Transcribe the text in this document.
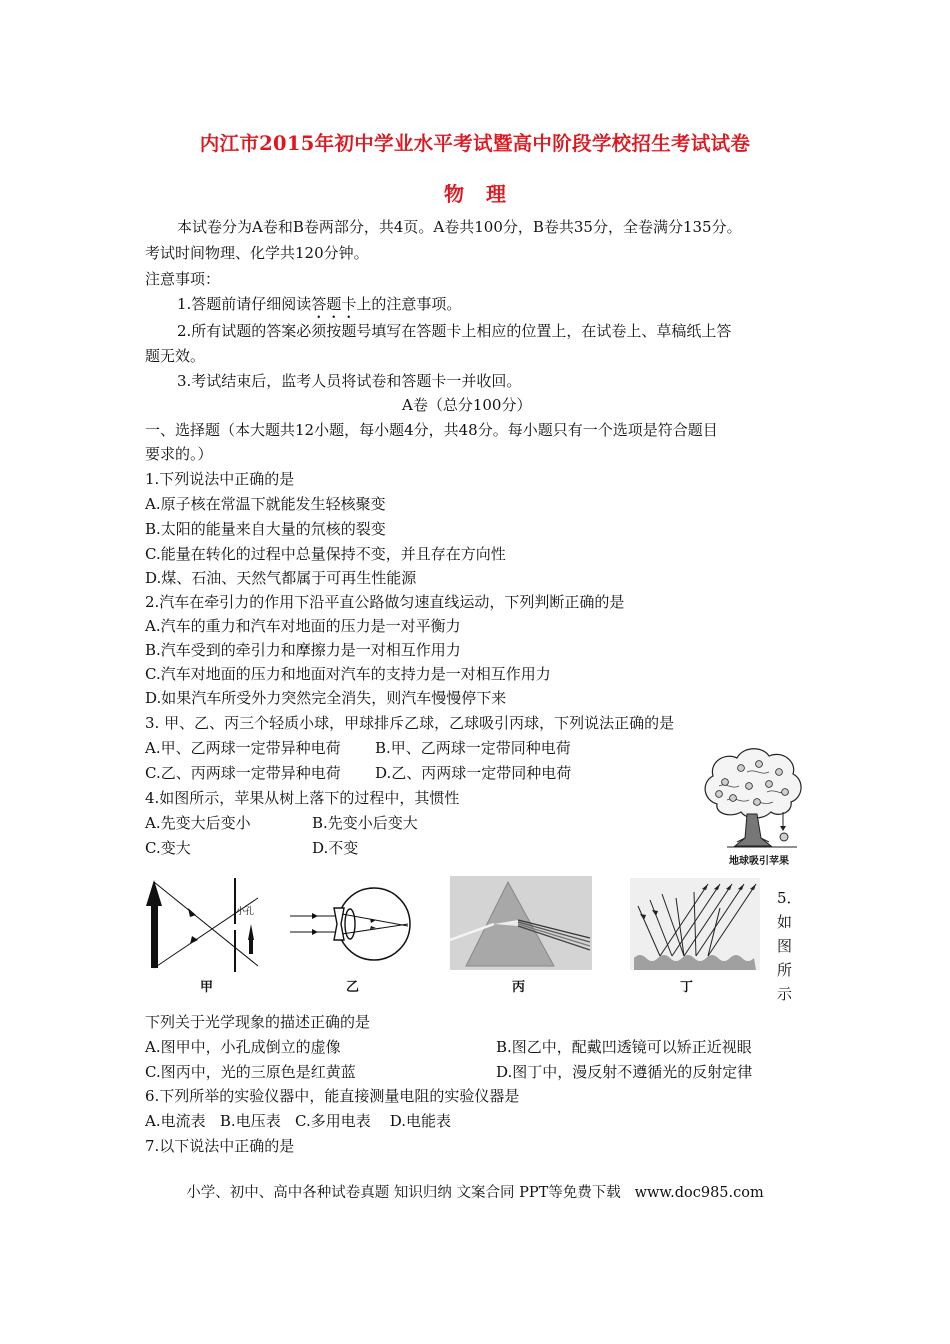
内江市2015年初中学业水平考试暨高中阶段学校招生考试试卷
物理
本试卷分为A卷和B卷两部分，共4页。A卷共100分，B卷共35分，全卷满分135分。
考试时间物理、化学共120分钟。
注意事项：
1.答题前请仔细阅读答题卡上的注意事项。
2.所有试题的答案必须按题号填写在答题卡上相应的位置上，在试卷上、草稿纸上答
题无效。
3.考试结束后，监考人员将试卷和答题卡一并收回。
A卷（总分100分）
一、选择题（本大题共12小题，每小题4分，共48分。每小题只有一个选项是符合题目
要求的。）
1.下列说法中正确的是
A.原子核在常温下就能发生轻核聚变
B.太阳的能量来自大量的氘核的裂变
C.能量在转化的过程中总量保持不变，并且存在方向性
D.煤、石油、天然气都属于可再生性能源
2.汽车在牵引力的作用下沿平直公路做匀速直线运动，下列判断正确的是
A.汽车的重力和汽车对地面的压力是一对平衡力
B.汽车受到的牵引力和摩擦力是一对相互作用力
C.汽车对地面的压力和地面对汽车的支持力是一对相互作用力
D.如果汽车所受外力突然完全消失，则汽车慢慢停下来
3. 甲、乙、丙三个轻质小球，甲球排斥乙球，乙球吸引丙球，下列说法正确的是
A.甲、乙两球一定带异种电荷 B.甲、乙两球一定带同种电荷
C.乙、丙两球一定带异种电荷 D.乙、丙两球一定带同种电荷
4.如图所示，苹果从树上落下的过程中，其惯性
A.先变大后变小	B.先变小后变大
C.变大	D.不变
地球吸引苹果
小孔
甲	乙	丙	丁
5．
如
图
所
示
下列关于光学现象的描述正确的是
A.图甲中，小孔成倒立的虚像	B.图乙中，配戴凹透镜可以矫正近视眼
C.图丙中，光的三原色是红黄蓝	D.图丁中，漫反射不遵循光的反射定律
6.下列所举的实验仪器中，能直接测量电阻的实验仪器是
A.电流表   B.电压表   C.多用电表    D.电能表
7.以下说法中正确的是
小学、初中、高中各种试卷真题 知识归纳 文案合同 PPT等免费下载   www.doc985.com
